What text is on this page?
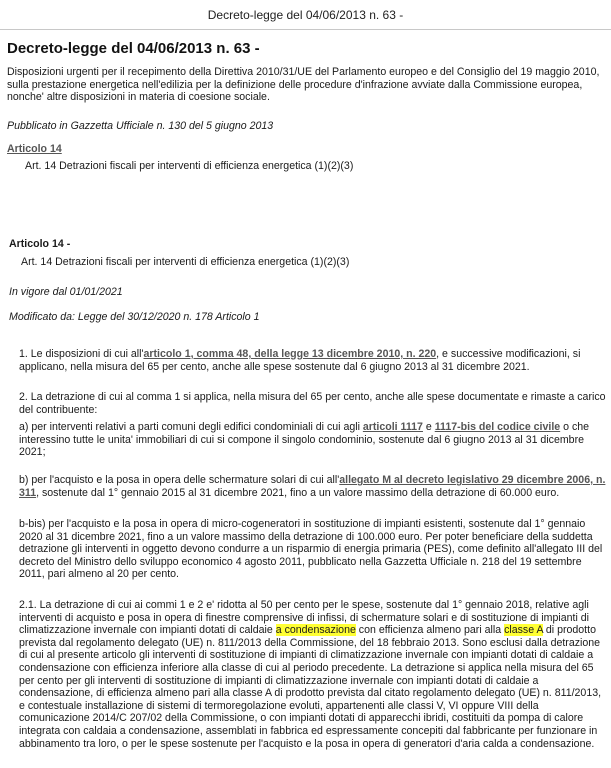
Decreto-legge del 04/06/2013 n. 63 -
Decreto-legge del 04/06/2013 n. 63 -
Disposizioni urgenti per il recepimento della Direttiva 2010/31/UE del Parlamento europeo e del Consiglio del 19 maggio 2010, sulla prestazione energetica nell'edilizia per la definizione delle procedure d'infrazione avviate dalla Commissione europea, nonche' altre disposizioni in materia di coesione sociale.
Pubblicato in Gazzetta Ufficiale n. 130 del 5 giugno 2013
Articolo 14
Art. 14 Detrazioni fiscali per interventi di efficienza energetica (1)(2)(3)
Articolo 14 -
Art. 14 Detrazioni fiscali per interventi di efficienza energetica (1)(2)(3)
In vigore dal 01/01/2021
Modificato da: Legge del 30/12/2020 n. 178 Articolo 1
1. Le disposizioni di cui all'articolo 1, comma 48, della legge 13 dicembre 2010, n. 220, e successive modificazioni, si applicano, nella misura del 65 per cento, anche alle spese sostenute dal 6 giugno 2013 al 31 dicembre 2021.
2. La detrazione di cui al comma 1 si applica, nella misura del 65 per cento, anche alle spese documentate e rimaste a carico del contribuente:
a) per interventi relativi a parti comuni degli edifici condominiali di cui agli articoli 1117 e 1117-bis del codice civile o che interessino tutte le unita' immobiliari di cui si compone il singolo condominio, sostenute dal 6 giugno 2013 al 31 dicembre 2021;
b) per l'acquisto e la posa in opera delle schermature solari di cui all'allegato M al decreto legislativo 29 dicembre 2006, n. 311, sostenute dal 1° gennaio 2015 al 31 dicembre 2021, fino a un valore massimo della detrazione di 60.000 euro.
b-bis) per l'acquisto e la posa in opera di micro-cogeneratori in sostituzione di impianti esistenti, sostenute dal 1° gennaio 2020 al 31 dicembre 2021, fino a un valore massimo della detrazione di 100.000 euro. Per poter beneficiare della suddetta detrazione gli interventi in oggetto devono condurre a un risparmio di energia primaria (PES), come definito all'allegato III del decreto del Ministro dello sviluppo economico 4 agosto 2011, pubblicato nella Gazzetta Ufficiale n. 218 del 19 settembre 2011, pari almeno al 20 per cento.
2.1. La detrazione di cui ai commi 1 e 2 e' ridotta al 50 per cento per le spese, sostenute dal 1° gennaio 2018, relative agli interventi di acquisto e posa in opera di finestre comprensive di infissi, di schermature solari e di sostituzione di impianti di climatizzazione invernale con impianti dotati di caldaie a condensazione con efficienza almeno pari alla classe A di prodotto prevista dal regolamento delegato (UE) n. 811/2013 della Commissione, del 18 febbraio 2013. Sono esclusi dalla detrazione di cui al presente articolo gli interventi di sostituzione di impianti di climatizzazione invernale con impianti dotati di caldaie a condensazione con efficienza inferiore alla classe di cui al periodo precedente. La detrazione si applica nella misura del 65 per cento per gli interventi di sostituzione di impianti di climatizzazione invernale con impianti dotati di caldaie a condensazione, di efficienza almeno pari alla classe A di prodotto prevista dal citato regolamento delegato (UE) n. 811/2013, e contestuale installazione di sistemi di termoregolazione evoluti, appartenenti alle classi V, VI oppure VIII della comunicazione 2014/C 207/02 della Commissione, o con impianti dotati di apparecchi ibridi, costituiti da pompa di calore integrata con caldaia a condensazione, assemblati in fabbrica ed espressamente concepiti dal fabbricante per funzionare in abbinamento tra loro, o per le spese sostenute per l'acquisto e la posa in opera di generatori d'aria calda a condensazione.
